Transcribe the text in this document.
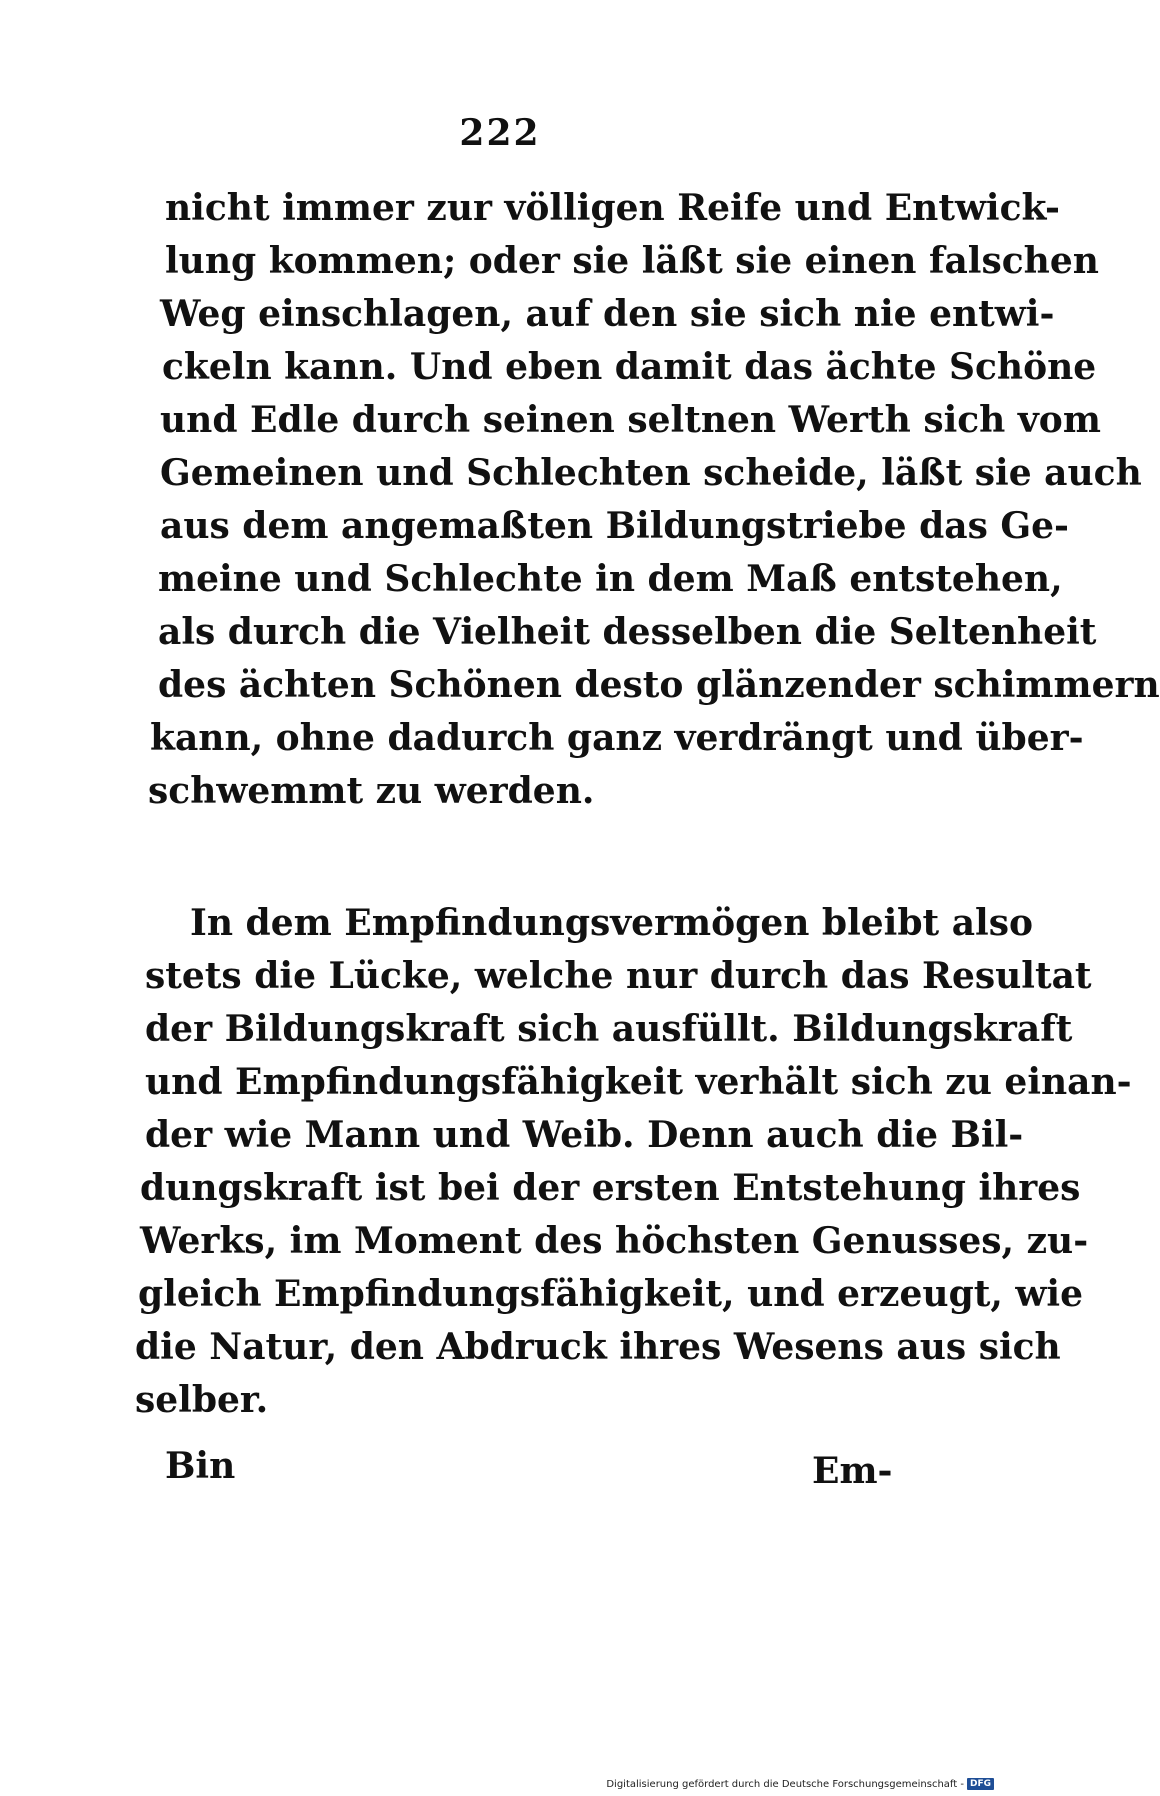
222
nicht immer zur völligen Reife und Entwick-
lung kommen; oder sie läßt sie einen falschen
Weg einschlagen, auf den sie sich nie entwi-
ckeln kann. Und eben damit das ächte Schöne
und Edle durch seinen seltnen Werth sich vom
Gemeinen und Schlechten scheide, läßt sie auch
aus dem angemaßten Bildungstriebe das Ge-
meine und Schlechte in dem Maß entstehen,
als durch die Vielheit desselben die Seltenheit
des ächten Schönen desto glänzender schimmern
kann, ohne dadurch ganz verdrängt und über-
schwemmt zu werden.
In dem Empfindungsvermögen bleibt also
stets die Lücke, welche nur durch das Resultat
der Bildungskraft sich ausfüllt. Bildungskraft
und Empfindungsfähigkeit verhält sich zu einan-
der wie Mann und Weib. Denn auch die Bil-
dungskraft ist bei der ersten Entstehung ihres
Werks, im Moment des höchsten Genusses, zu-
gleich Empfindungsfähigkeit, und erzeugt, wie
die Natur, den Abdruck ihres Wesens aus sich
selber.
Bin	Em-
Digitalisierung gefördert durch die Deutsche Forschungsgemeinschaft - DFG
